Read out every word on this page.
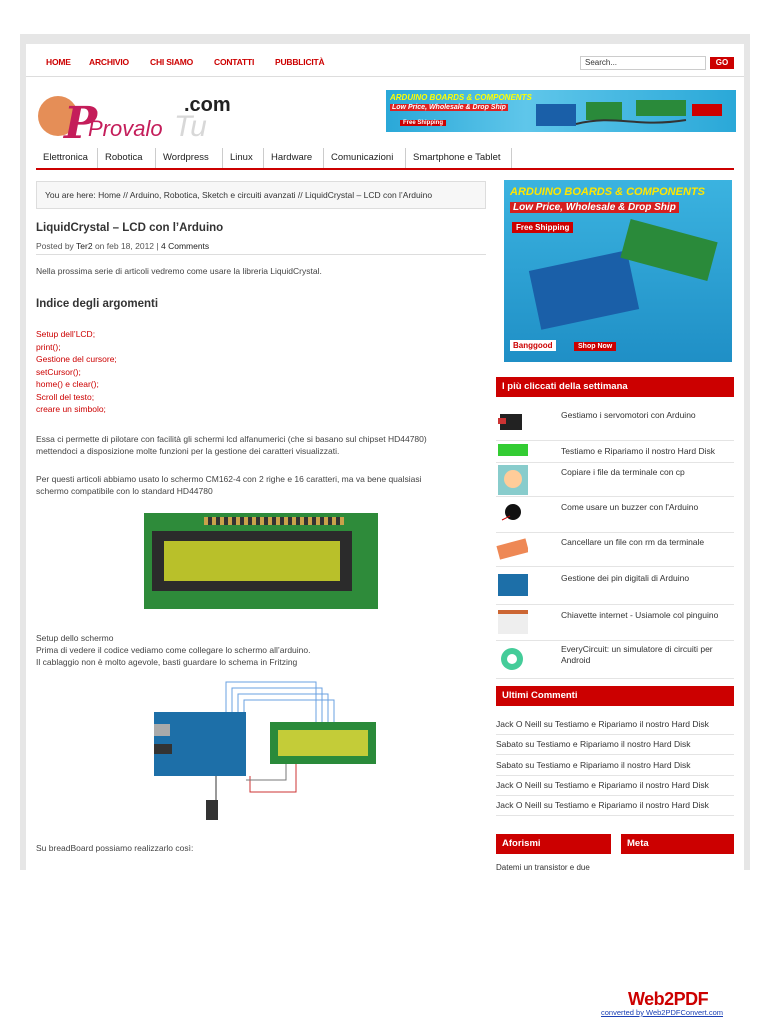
HOME ARCHIVIO CHI SIAMO CONTATTI PUBBLICITÀ	Search...	GO
P
Provalo
.com
Tu
ARDUINO BOARDS & COMPONENTS
Low Price, Wholesale & Drop Ship
Free Shipping
Elettronica	Robotica	Wordpress	Linux	Hardware	Comunicazioni	Smartphone e Tablet
You are here: Home // Arduino, Robotica, Sketch e circuiti avanzati // LiquidCrystal – LCD con l’Arduino
LiquidCrystal – LCD con l’Arduino
Posted by Ter2 on feb 18, 2012 | 4 Comments
Nella prossima serie di articoli vedremo come usare la libreria LiquidCrystal.
Indice degli argomenti
Setup dell’LCD;
print();
Gestione del cursore;
setCursor();
home() e clear();
Scroll del testo;
creare un simbolo;
Essa ci permette di pilotare con facilità gli schermi lcd alfanumerici (che si basano sul chipset HD44780) mettendoci a disposizione molte funzioni per la gestione dei caratteri visualizzati.
Per questi articoli abbiamo usato lo schermo CM162-4 con 2 righe e 16 caratteri, ma va bene qualsiasi schermo compatibile con lo standard HD44780
Setup dello schermo
Prima di vedere il codice vediamo come collegare lo schermo all’arduino.
Il cablaggio non è molto agevole, basti guardare lo schema in Fritzing
Su breadBoard possiamo realizzarlo così:
ARDUINO BOARDS & COMPONENTS
Low Price, Wholesale & Drop Ship
Free Shipping
Banggood	Shop Now
I più cliccati della settimana
Gestiamo i servomotori con Arduino
Testiamo e Ripariamo il nostro Hard Disk
Copiare i file da terminale con cp
Come usare un buzzer con l'Arduino
Cancellare un file con rm da terminale
Gestione dei pin digitali di Arduino
Chiavette internet - Usiamole col pinguino
EveryCircuit: un simulatore di circuiti per Android
Ultimi Commenti
Jack O Neill su Testiamo e Ripariamo il nostro Hard Disk
Sabato su Testiamo e Ripariamo il nostro Hard Disk
Sabato su Testiamo e Ripariamo il nostro Hard Disk
Jack O Neill su Testiamo e Ripariamo il nostro Hard Disk
Jack O Neill su Testiamo e Ripariamo il nostro Hard Disk
Aforismi	Meta
Datemi un transistor e due
Web2PDF
converted by Web2PDFConvert.com
